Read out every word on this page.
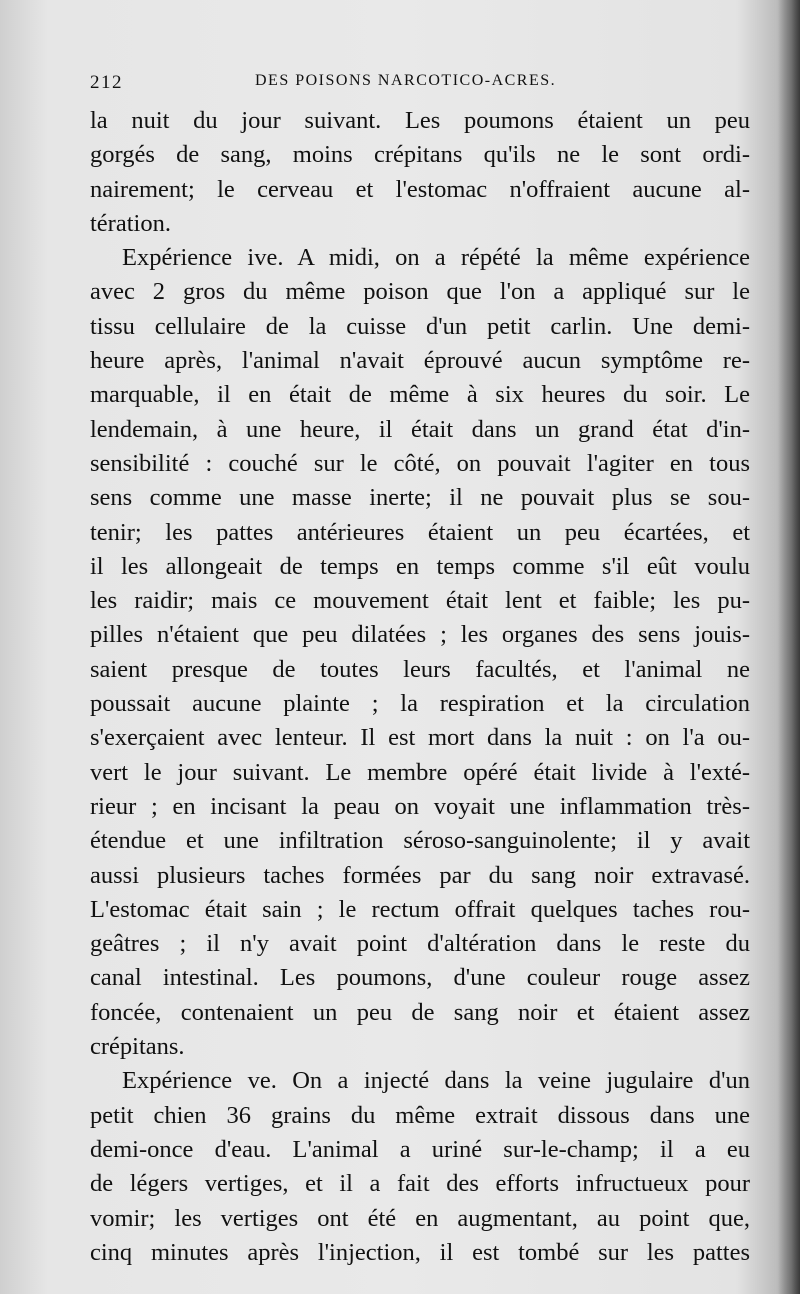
212	DES POISONS NARCOTICO-ACRES.
la nuit du jour suivant. Les poumons étaient un peu
gorgés de sang, moins crépitans qu'ils ne le sont ordi-
nairement; le cerveau et l'estomac n'offraient aucune al-
tération.
Expérience ive. A midi, on a répété la même expérience
avec 2 gros du même poison que l'on a appliqué sur le
tissu cellulaire de la cuisse d'un petit carlin. Une demi-
heure après, l'animal n'avait éprouvé aucun symptôme re-
marquable, il en était de même à six heures du soir. Le
lendemain, à une heure, il était dans un grand état d'in-
sensibilité : couché sur le côté, on pouvait l'agiter en tous
sens comme une masse inerte; il ne pouvait plus se sou-
tenir; les pattes antérieures étaient un peu écartées, et
il les allongeait de temps en temps comme s'il eût voulu
les raidir; mais ce mouvement était lent et faible; les pu-
pilles n'étaient que peu dilatées ; les organes des sens jouis-
saient presque de toutes leurs facultés, et l'animal ne
poussait aucune plainte ; la respiration et la circulation
s'exerçaient avec lenteur. Il est mort dans la nuit : on l'a ou-
vert le jour suivant. Le membre opéré était livide à l'exté-
rieur ; en incisant la peau on voyait une inflammation très-
étendue et une infiltration séroso-sanguinolente; il y avait
aussi plusieurs taches formées par du sang noir extravasé.
L'estomac était sain ; le rectum offrait quelques taches rou-
geâtres ; il n'y avait point d'altération dans le reste du
canal intestinal. Les poumons, d'une couleur rouge assez
foncée, contenaient un peu de sang noir et étaient assez
crépitans.
Expérience ve. On a injecté dans la veine jugulaire d'un
petit chien 36 grains du même extrait dissous dans une
demi-once d'eau. L'animal a uriné sur-le-champ; il a eu
de légers vertiges, et il a fait des efforts infructueux pour
vomir; les vertiges ont été en augmentant, au point que,
cinq minutes après l'injection, il est tombé sur les pattes
